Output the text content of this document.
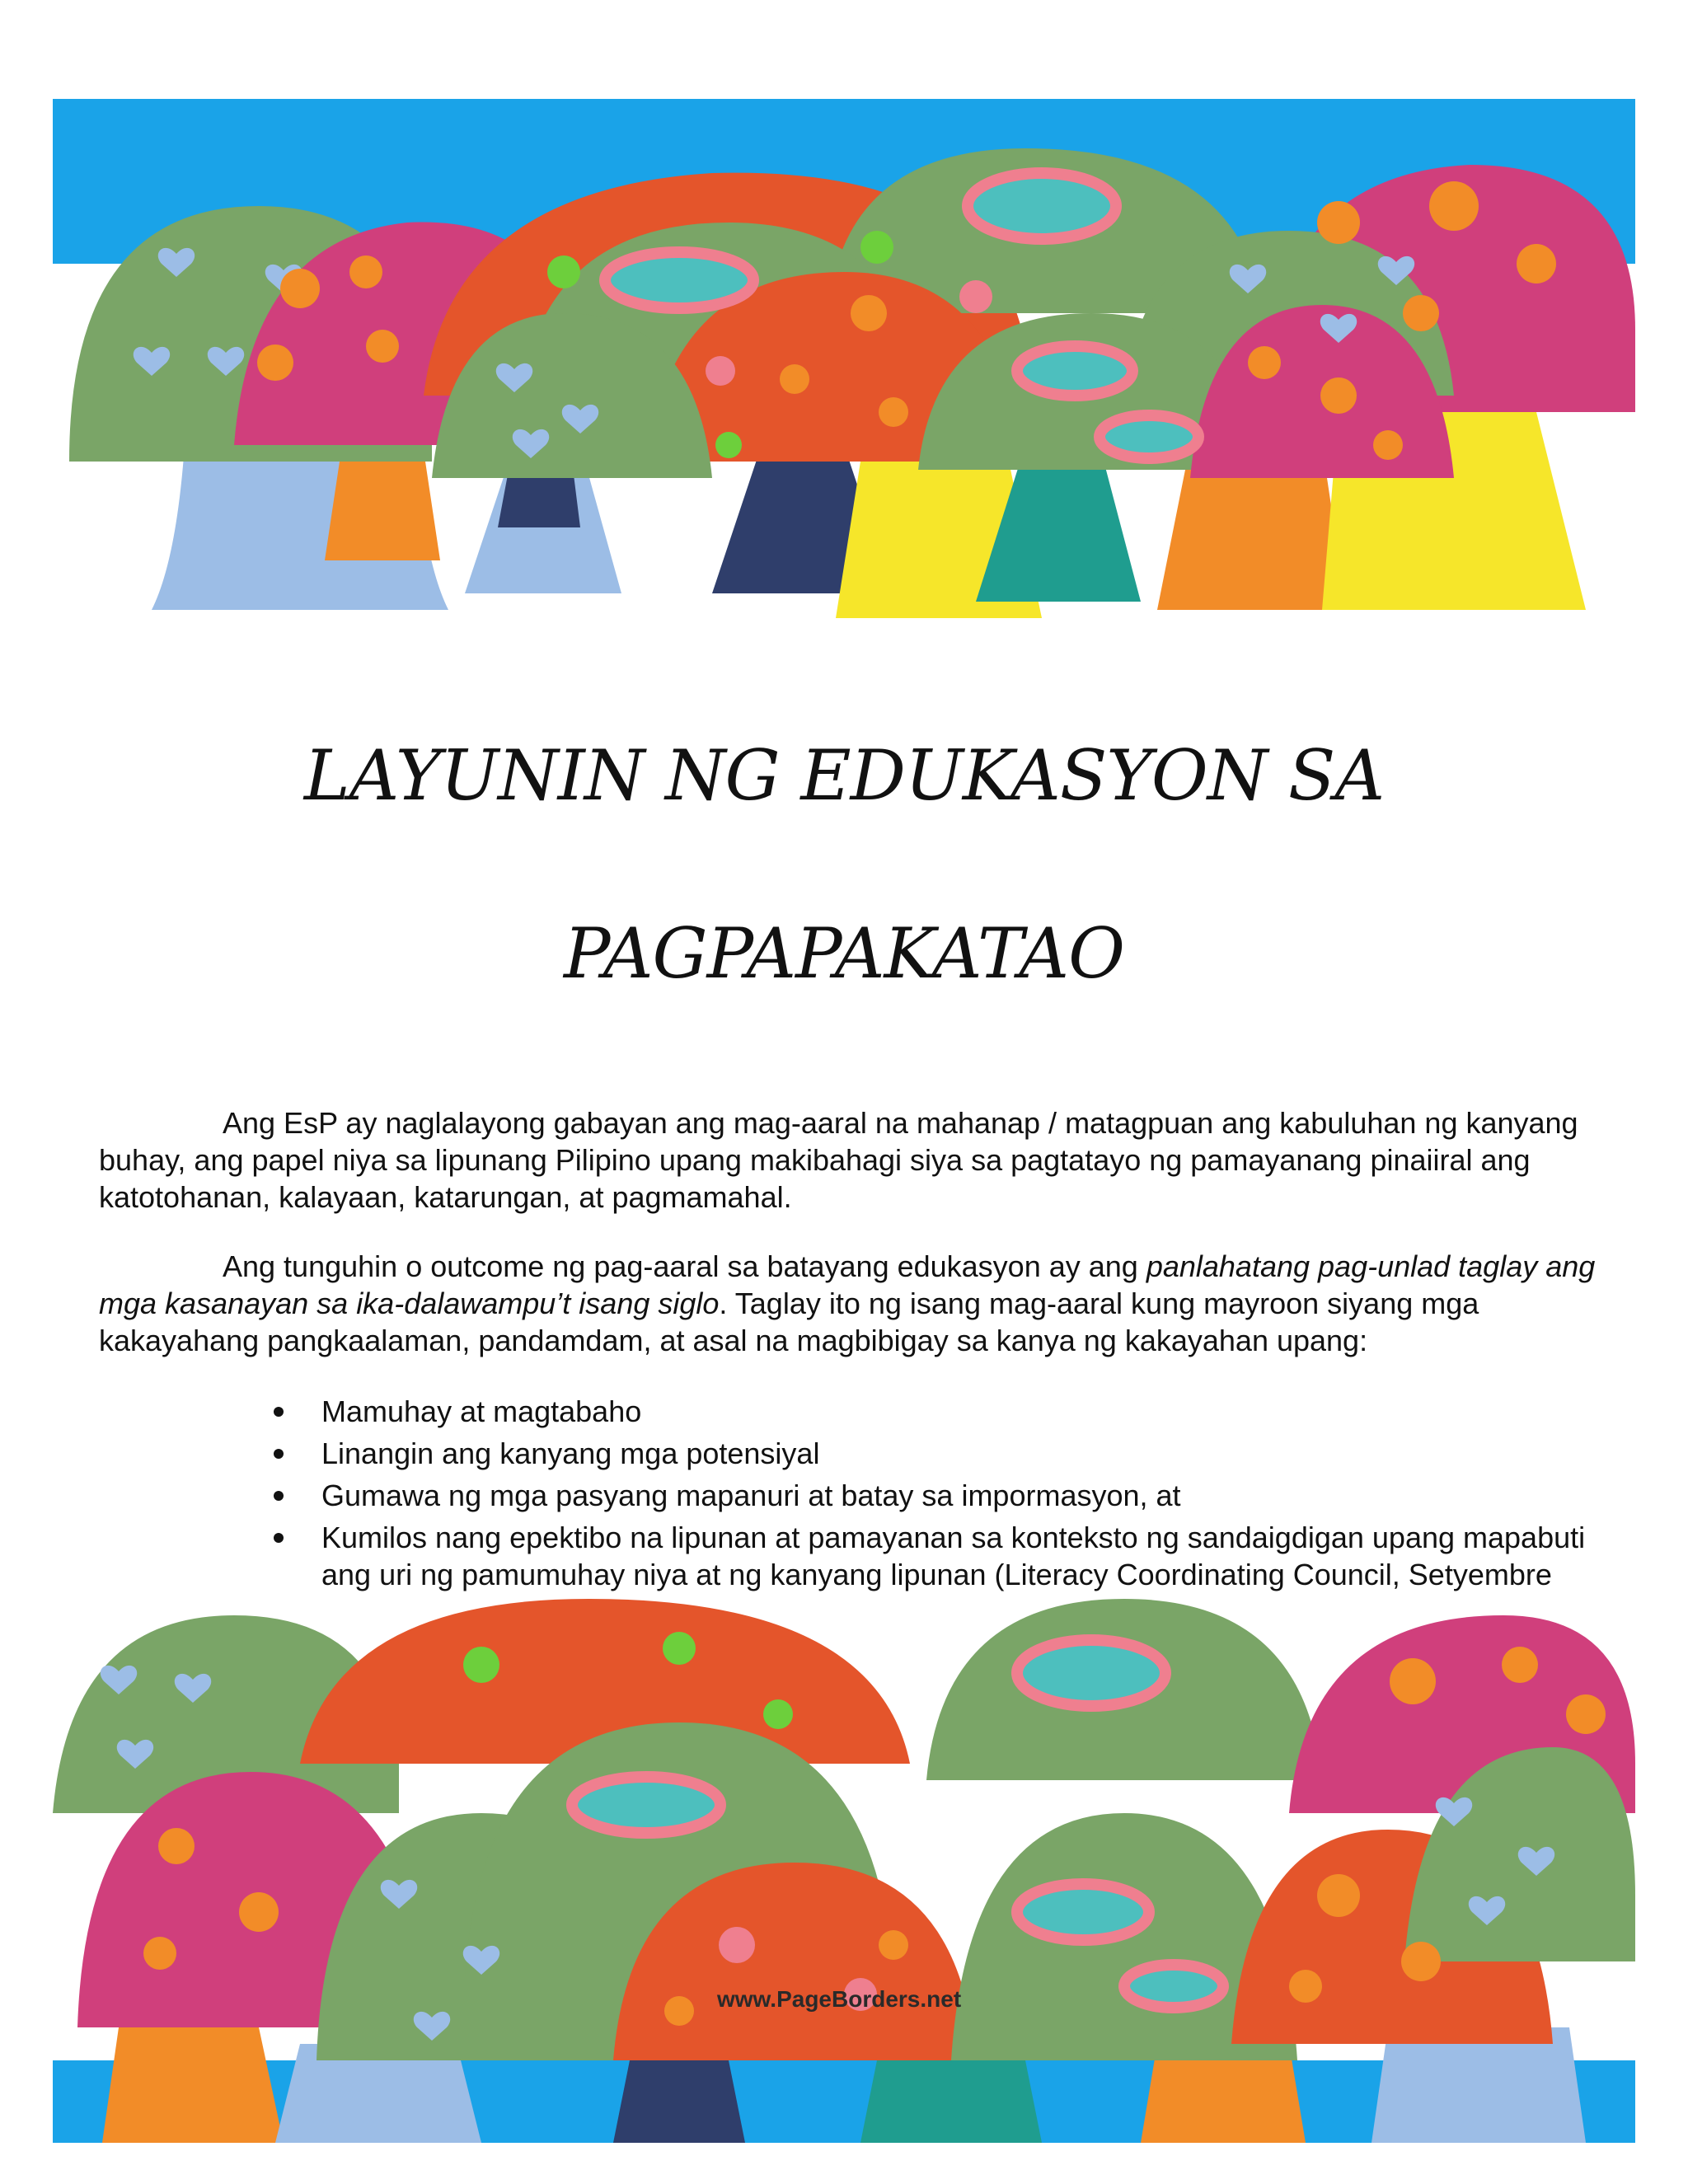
LAYUNIN NG EDUKASYON SA
PAGPAPAKATAO

Ang EsP ay naglalayong gabayan ang mag-aaral na mahanap / matagpuan ang kabuluhan ng kanyang buhay, ang papel niya sa lipunang Pilipino upang makibahagi siya sa pagtatayo ng pamayanang pinaiiral ang katotohanan, kalayaan, katarungan, at pagmamahal.

Ang tunguhin o outcome ng pag-aaral sa batayang edukasyon ay ang panlahatang pag-unlad taglay ang mga kasanayan sa ika-dalawampu’t isang siglo. Taglay ito ng isang mag-aaral kung mayroon siyang mga kakayahang pangkaalaman, pandamdam, at asal na magbibigay sa kanya ng kakayahan upang:

Mamuhay at magtabaho
Linangin ang kanyang mga potensiyal
Gumawa ng mga pasyang mapanuri at batay sa impormasyon, at
Kumilos nang epektibo na lipunan at pamayanan sa konteksto ng sandaigdigan upang mapabuti ang uri ng pamumuhay niya at ng kanyang lipunan (Literacy Coordinating Council, Setyembre
www.PageBorders.net
